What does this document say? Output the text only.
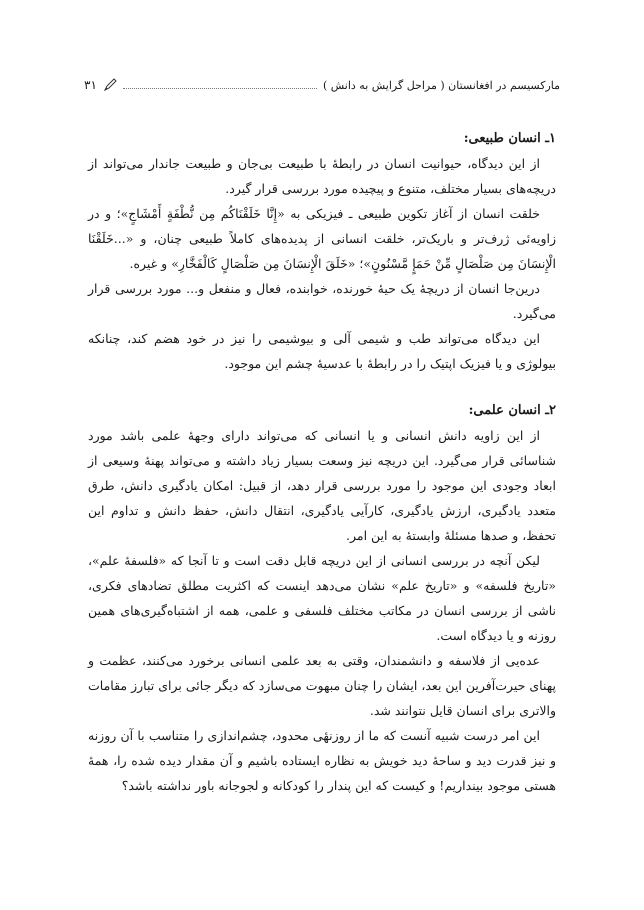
مارکسیسم در افغانستان ( مراحل گرایش به دانش )
۳۱
۱ـ انسان طبیعی:

از این دیدگاه، حیوانیت انسان در رابطهٔ با طبیعت بی‌جان و طبیعت جاندار می‌تواند از دریچه‌های بسیار مختلف، متنوع و پیچیده مورد بررسی قرار گیرد.

خلقت انسان از آغاز تکوین طبیعی ـ فیزیکی به «إِنَّا خَلَقْنَاکُم مِن نُّطْفَةٍ أَمْشَاجٍ»؛ و در زاویه‌ئی ژرف‌تر و باریک‌تر، خلقت انسانی از پدیده‌های کاملاً طبیعی چنان، و «...خَلَقْنَا الْإِنسَانَ مِن صَلْصَالٍ مِّنْ حَمَإٍ مَّسْنُونٍ»؛ «خَلَقَ الْإِنسَانَ مِن صَلْصَالٍ كَالْفَخَّارِ» و غیره.

درین‌جا انسان از دریچهٔ یک حیهٔ خورنده، خوابنده، فعال و منفعل و... مورد بررسی قرار می‌گیرد.

این دیدگاه می‌تواند طب و شیمی آلی و بیوشیمی را نیز در خود هضم کند، چنانکه بیولوژی و یا فیزیک اپتیک را در رابطهٔ با عدسیهٔ چشم این موجود.

۲ـ انسان علمی:

از این زاویه دانش انسانی و یا انسانی که می‌تواند دارای وجههٔ علمی باشد مورد شناسائی قرار می‌گیرد. این دریچه نیز وسعت بسیار زیاد داشته و می‌تواند پهنهٔ وسیعی از ابعاد وجودی این موجود را مورد بررسی قرار دهد، از قبیل: امکان یادگیری دانش، طرق متعدد یادگیری، ارزش یادگیری، کارآیی یادگیری، انتقال دانش، حفظ دانش و تداوم این تحفظ، و صدها مسئلهٔ وابستهٔ به این امر.

لیکن آنچه در بررسی انسانی از این دریچه قابل دقت است و تا آنجا که «فلسفهٔ علم»، «تاریخ فلسفه» و «تاریخ علم» نشان می‌دهد اینست که اکثریت مطلق تضادهای فکری، ناشی از بررسی انسان در مکاتب مختلف فلسفی و علمی، همه از اشتباه‌گیری‌های همین روزنه و یا دیدگاه است.

عده‌یی از فلاسفه و دانشمندان، وقتی به بعد علمی انسانی برخورد می‌کنند، عظمت و پهنای حیرت‌آفرین این بعد، ایشان را چنان مبهوت می‌سازد که دیگر جائی برای تبارز مقامات والاتری برای انسان قایل نتوانند شد.

این امر درست شبیه آنست که ما از روزنهٔی محدود، چشم‌اندازی را متناسب با آن روزنه و نیز قدرت دید و ساحهٔ دید خویش به نظاره ایستاده باشیم و آن مقدار دیده شده را، همهٔ هستی موجود بینداریم! و کیست که این پندار را کودکانه و لجوجانه باور نداشته باشد؟
